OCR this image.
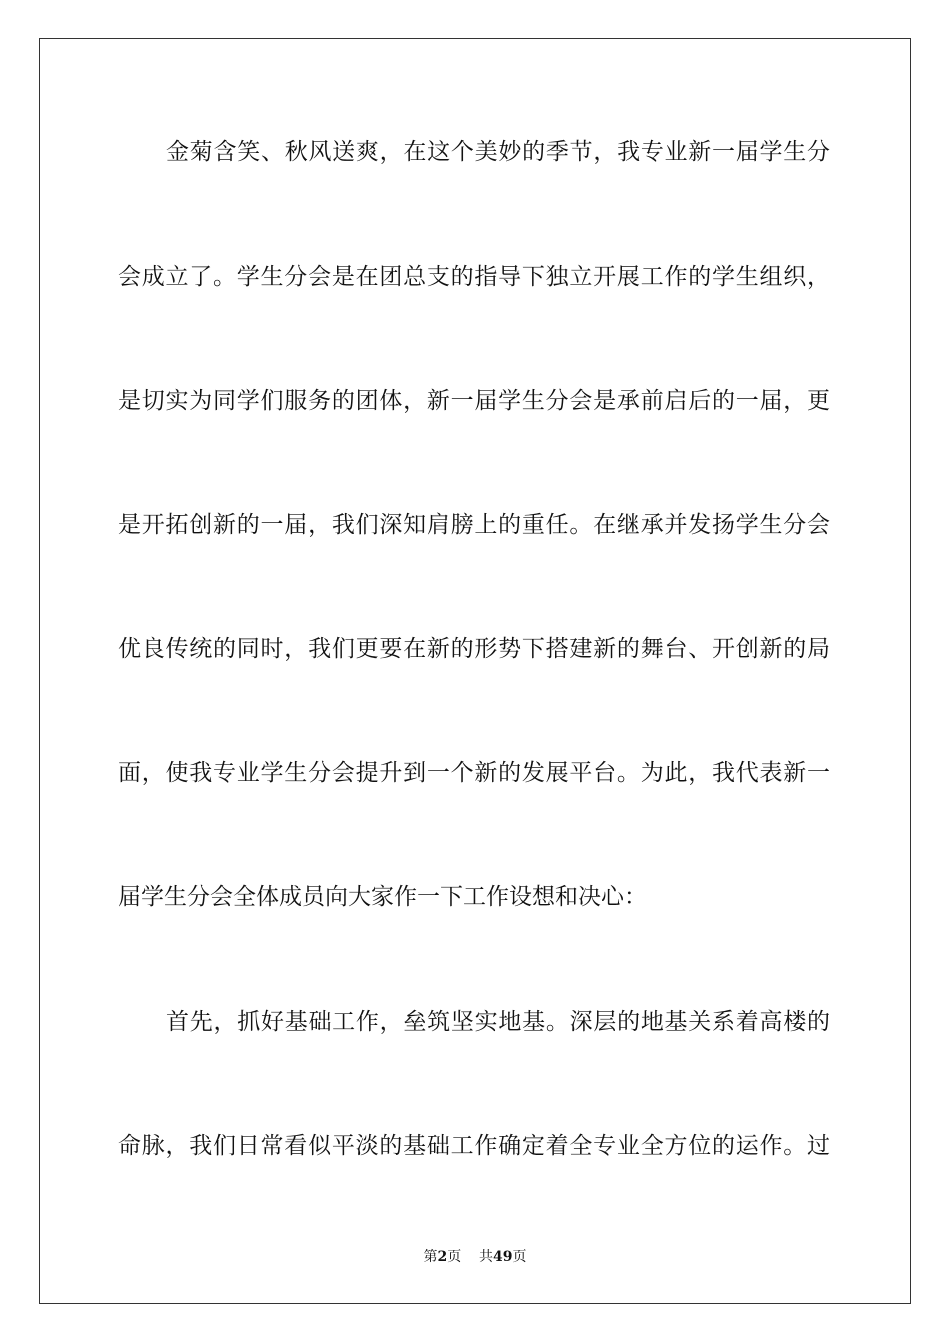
金菊含笑、秋风送爽，在这个美妙的季节，我专业新一届学生分
会成立了。学生分会是在团总支的指导下独立开展工作的学生组织，
是切实为同学们服务的团体，新一届学生分会是承前启后的一届，更
是开拓创新的一届，我们深知肩膀上的重任。在继承并发扬学生分会
优良传统的同时，我们更要在新的形势下搭建新的舞台、开创新的局
面，使我专业学生分会提升到一个新的发展平台。为此，我代表新一
届学生分会全体成员向大家作一下工作设想和决心：
首先，抓好基础工作，垒筑坚实地基。深层的地基关系着高楼的
命脉，我们日常看似平淡的基础工作确定着全专业全方位的运作。过
第2页 共49页
